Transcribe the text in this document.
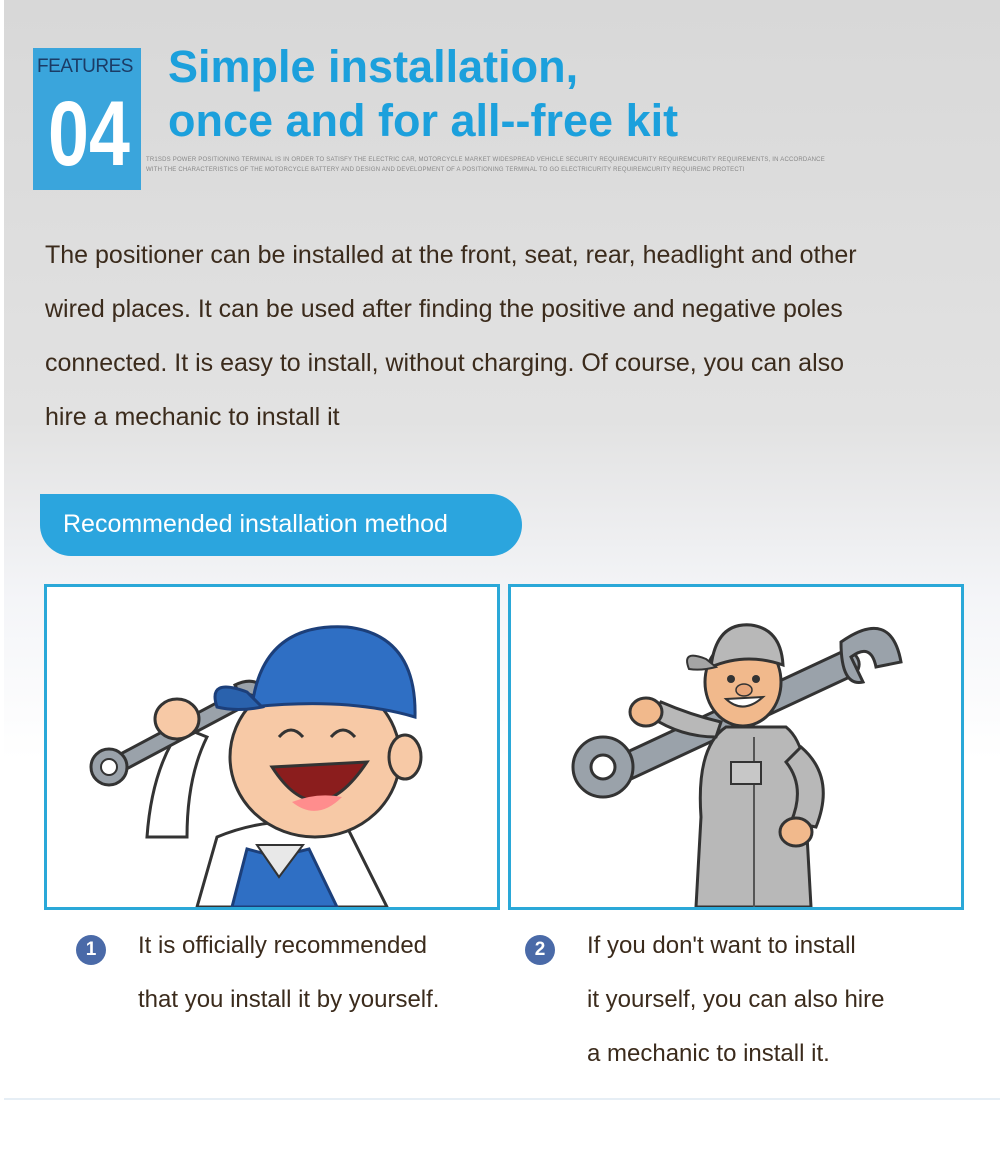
FEATURES
04
Simple installation,
once and for all--free kit
TR1SDS POWER POSITIONING TERMINAL IS IN ORDER TO SATISFY THE ELECTRIC CAR, MOTORCYCLE MARKET WIDESPREAD VEHICLE SECURITY REQUIREMCURITY REQUIREMCURITY REQUIREMENTS, IN ACCORDANCE
WITH THE CHARACTERISTICS OF THE MOTORCYCLE BATTERY AND DESIGN AND DEVELOPMENT OF A POSITIONING TERMINAL TO GO ELECTRICURITY REQUIREMCURITY REQUIREMC PROTECTI
The positioner can be installed at the front, seat, rear, headlight and other
wired places. It can be used after finding the positive and negative poles
connected. It is easy to install, without charging. Of course, you can also
hire a mechanic to install it
Recommended installation method
1	It is officially recommended
that you install it by yourself.
2	If you don't want to install
it yourself, you can also hire
a mechanic to install it.
